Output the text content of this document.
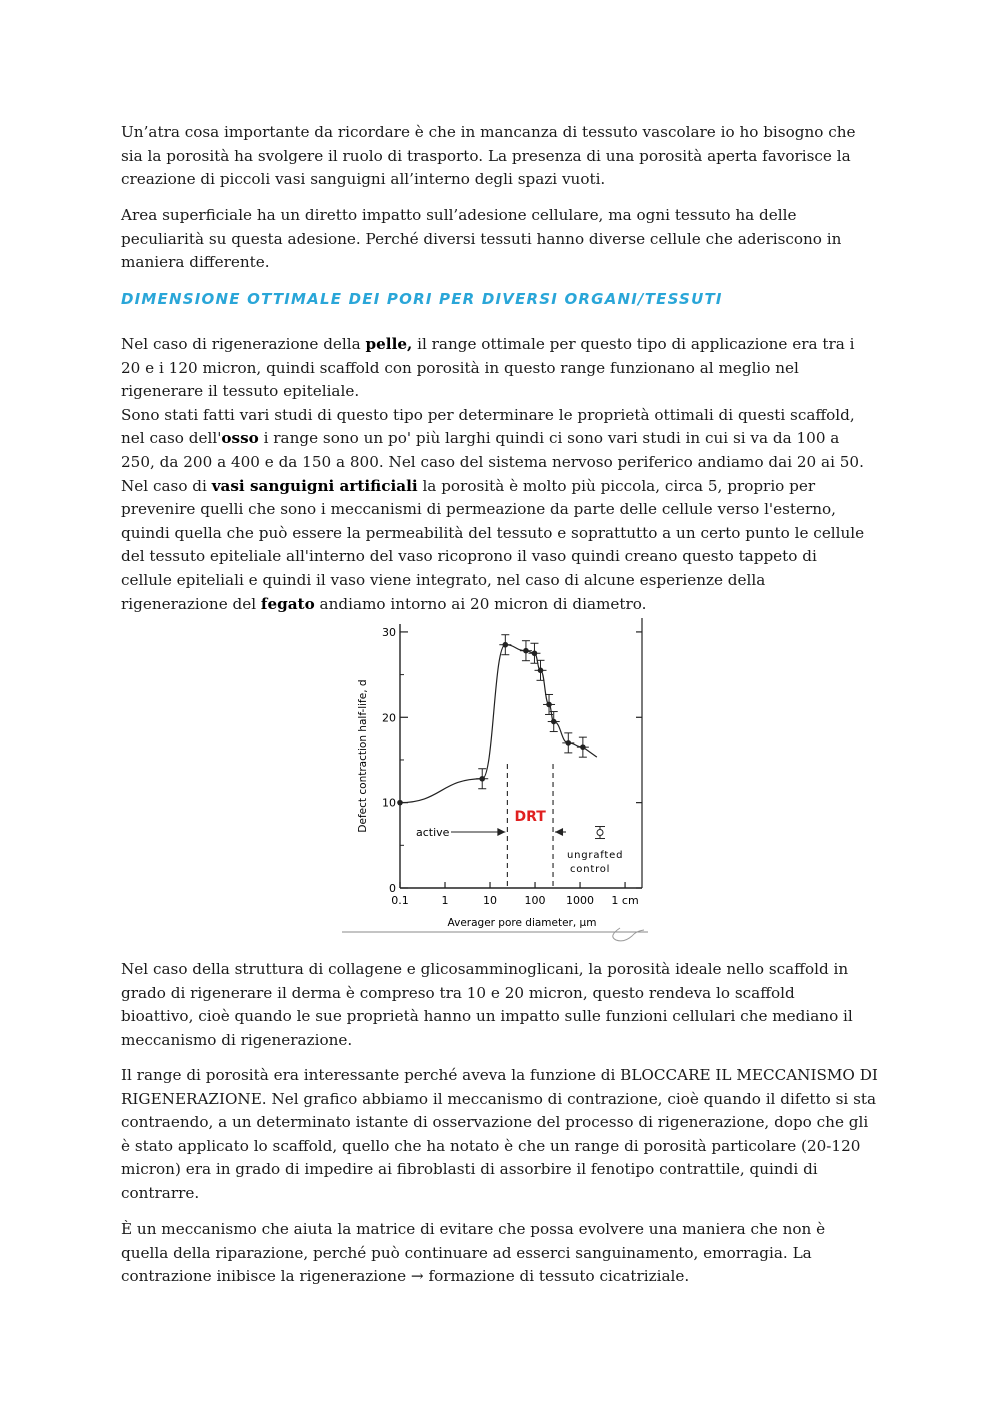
Un’atra cosa importante da ricordare è che in mancanza di tessuto vascolare io ho bisogno che
sia la porosità ha svolgere il ruolo di trasporto. La presenza di una porosità aperta favorisce la
creazione di piccoli vasi sanguigni all’interno degli spazi vuoti.

Area superficiale ha un diretto impatto sull’adesione cellulare, ma ogni tessuto ha delle
peculiarità su questa adesione. Perché diversi tessuti hanno diverse cellule che aderiscono in
maniera differente.

DIMENSIONE OTTIMALE DEI PORI PER DIVERSI ORGANI/TESSUTI

Nel caso di rigenerazione della pelle, il range ottimale per questo tipo di applicazione era tra i
20 e i 120 micron, quindi scaffold con porosità in questo range funzionano al meglio nel
rigenerare il tessuto epiteliale.
Sono stati fatti vari studi di questo tipo per determinare le proprietà ottimali di questi scaffold,
nel caso dell'osso i range sono un po' più larghi quindi ci sono vari studi in cui si va da 100 a
250, da 200 a 400 e da 150 a 800. Nel caso del sistema nervoso periferico andiamo dai 20 ai 50.
Nel caso di vasi sanguigni artificiali la porosità è molto più piccola, circa 5, proprio per
prevenire quelli che sono i meccanismi di permeazione da parte delle cellule verso l'esterno,
quindi quella che può essere la permeabilità del tessuto e soprattutto a un certo punto le cellule
del tessuto epiteliale all'interno del vaso ricoprono il vaso quindi creano questo tappeto di
cellule epiteliali e quindi il vaso viene integrato, nel caso di alcune esperienze della
rigenerazione del fegato andiamo intorno ai 20 micron di diametro.

0
10
20
30
0.1	1	10	100 1000 1 cm
Averager pore diameter, µm
Defect contraction half-life, d	DRT
active
ungrafted
control

Nel caso della struttura di collagene e glicosamminoglicani, la porosità ideale nello scaffold in
grado di rigenerare il derma è compreso tra 10 e 20 micron, questo rendeva lo scaffold
bioattivo, cioè quando le sue proprietà hanno un impatto sulle funzioni cellulari che mediano il
meccanismo di rigenerazione.

Il range di porosità era interessante perché aveva la funzione di BLOCCARE IL MECCANISMO DI
RIGENERAZIONE. Nel grafico abbiamo il meccanismo di contrazione, cioè quando il difetto si sta
contraendo, a un determinato istante di osservazione del processo di rigenerazione, dopo che gli
è stato applicato lo scaffold, quello che ha notato è che un range di porosità particolare (20-120
micron) era in grado di impedire ai fibroblasti di assorbire il fenotipo contrattile, quindi di
contrarre.

È un meccanismo che aiuta la matrice di evitare che possa evolvere una maniera che non è
quella della riparazione, perché può continuare ad esserci sanguinamento, emorragia. La
contrazione inibisce la rigenerazione → formazione di tessuto cicatriziale.
